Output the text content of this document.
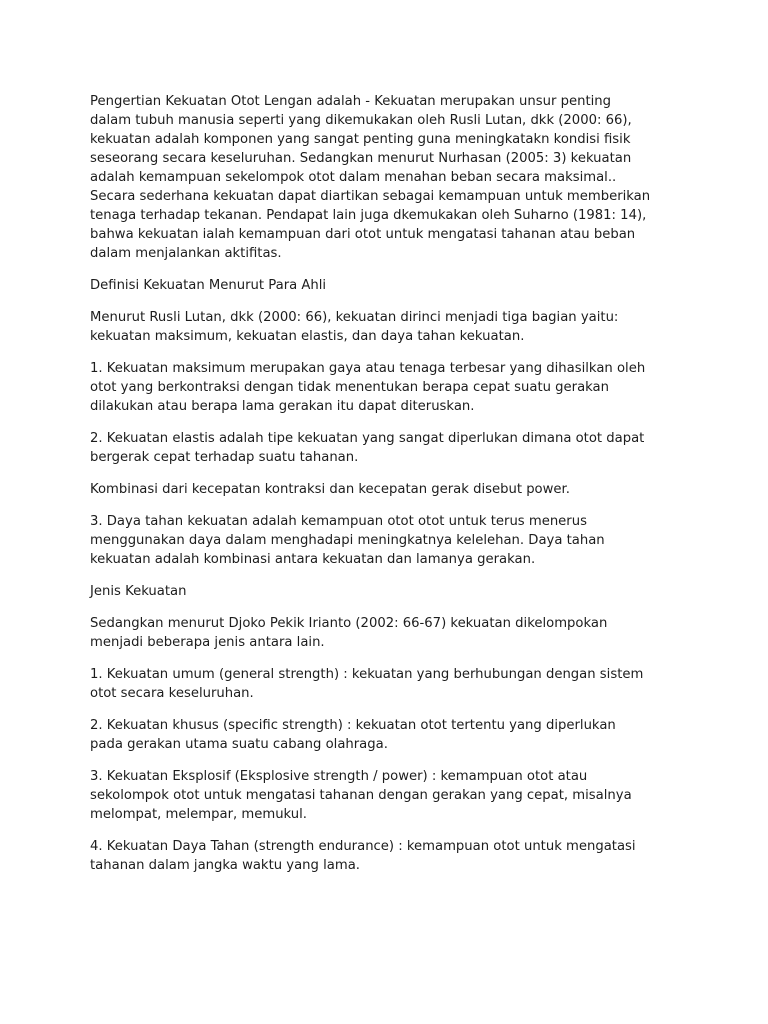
Pengertian Kekuatan Otot Lengan adalah - Kekuatan merupakan unsur penting
dalam tubuh manusia seperti yang dikemukakan oleh Rusli Lutan, dkk (2000: 66),
kekuatan adalah komponen yang sangat penting guna meningkatakn kondisi fisik
seseorang secara keseluruhan. Sedangkan menurut Nurhasan (2005: 3) kekuatan
adalah kemampuan sekelompok otot dalam menahan beban secara maksimal..
Secara sederhana kekuatan dapat diartikan sebagai kemampuan untuk memberikan
tenaga terhadap tekanan. Pendapat lain juga dkemukakan oleh Suharno (1981: 14),
bahwa kekuatan ialah kemampuan dari otot untuk mengatasi tahanan atau beban
dalam menjalankan aktifitas.

Definisi Kekuatan Menurut Para Ahli

Menurut Rusli Lutan, dkk (2000: 66), kekuatan dirinci menjadi tiga bagian yaitu:
kekuatan maksimum, kekuatan elastis, dan daya tahan kekuatan.

1. Kekuatan maksimum merupakan gaya atau tenaga terbesar yang dihasilkan oleh
otot yang berkontraksi dengan tidak menentukan berapa cepat suatu gerakan
dilakukan atau berapa lama gerakan itu dapat diteruskan.

2. Kekuatan elastis adalah tipe kekuatan yang sangat diperlukan dimana otot dapat
bergerak cepat terhadap suatu tahanan.

Kombinasi dari kecepatan kontraksi dan kecepatan gerak disebut power.

3. Daya tahan kekuatan adalah kemampuan otot otot untuk terus menerus
menggunakan daya dalam menghadapi meningkatnya kelelehan. Daya tahan
kekuatan adalah kombinasi antara kekuatan dan lamanya gerakan.

Jenis Kekuatan

Sedangkan menurut Djoko Pekik Irianto (2002: 66-67) kekuatan dikelompokan
menjadi beberapa jenis antara lain.

1. Kekuatan umum (general strength) : kekuatan yang berhubungan dengan sistem
otot secara keseluruhan.

2. Kekuatan khusus (specific strength) : kekuatan otot tertentu yang diperlukan
pada gerakan utama suatu cabang olahraga.

3. Kekuatan Eksplosif (Eksplosive strength / power) : kemampuan otot atau
sekolompok otot untuk mengatasi tahanan dengan gerakan yang cepat, misalnya
melompat, melempar, memukul.

4. Kekuatan Daya Tahan (strength endurance) : kemampuan otot untuk mengatasi
tahanan dalam jangka waktu yang lama.
